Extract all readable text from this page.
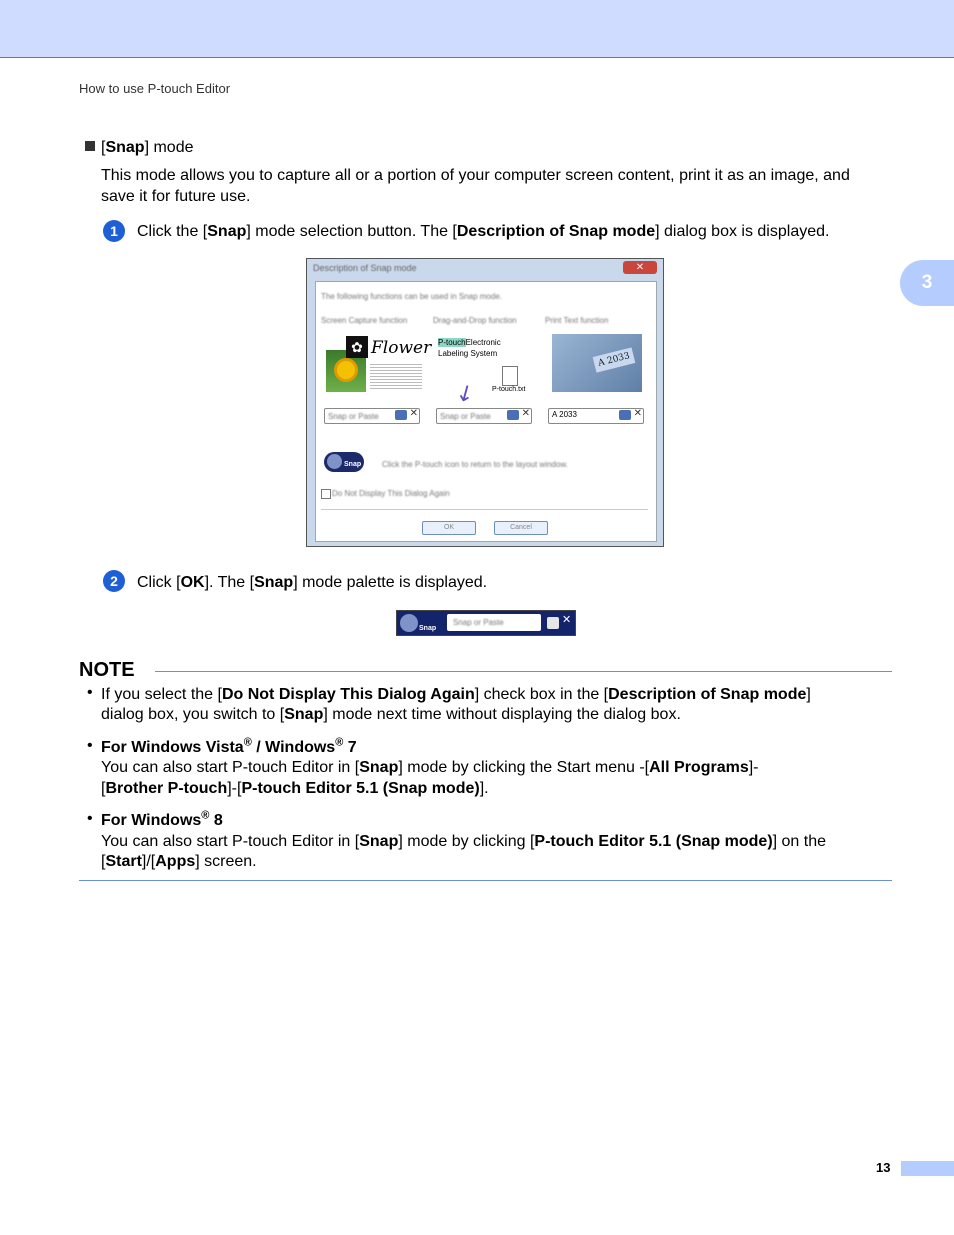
How to use P-touch Editor
3
[Snap] mode
This mode allows you to capture all or a portion of your computer screen content, print it as an image, and
save it for future use.
1	Click the [Snap] mode selection button. The [Description of Snap mode] dialog box is displayed.
Description of Snap mode	✕
The following functions can be used in Snap mode.
Screen Capture function	Drag-and-Drop function	Print Text function
✿ Flower P-touchElectronic
Labeling System
P-touch.txt
↙
A 2033
Snap or Paste	✕	Snap or Paste	✕	A 2033	✕
Snap	Click the P-touch icon to return to the layout window.
Do Not Display This Dialog Again
OK	Cancel
2	Click [OK]. The [Snap] mode palette is displayed.
Snap
Snap or Paste	✕
NOTE
• If you select the [Do Not Display This Dialog Again] check box in the [Description of Snap mode]
dialog box, you switch to [Snap] mode next time without displaying the dialog box.
• For Windows Vista® / Windows® 7
You can also start P-touch Editor in [Snap] mode by clicking the Start menu -[All Programs]-
[Brother P-touch]-[P-touch Editor 5.1 (Snap mode)].
• For Windows® 8
You can also start P-touch Editor in [Snap] mode by clicking [P-touch Editor 5.1 (Snap mode)] on the
[Start]/[Apps] screen.
13
